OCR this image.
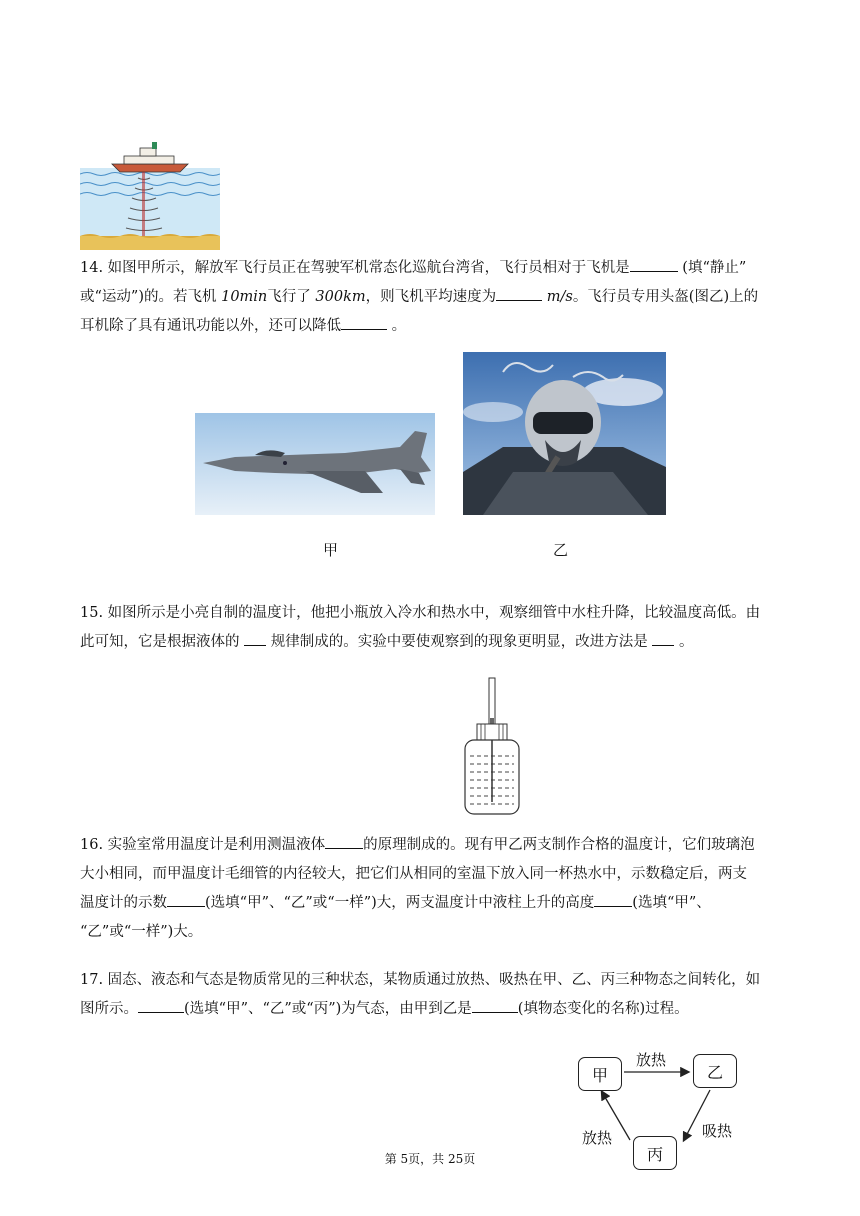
14. 如图甲所示，解放军飞行员正在驾驶军机常态化巡航台湾省，飞行员相对于飞机是	(填“静止”

或“运动”)的。若飞机 10min飞行了 300km，则飞机平均速度为	m/s。飞行员专用头盔(图乙)上的

耳机除了具有通讯功能以外，还可以降低	。

甲	乙

15. 如图所示是小亮自制的温度计，他把小瓶放入冷水和热水中，观察细管中水柱升降，比较温度高低。由

此可知，它是根据液体的 规律制成的。实验中要使观察到的现象更明显，改进方法是 。

16. 实验室常用温度计是利用测温液体	的原理制成的。现有甲乙两支制作合格的温度计，它们玻璃泡

大小相同，而甲温度计毛细管的内径较大，把它们从相同的室温下放入同一杯热水中，示数稳定后，两支

温度计的示数	(选填“甲”、“乙”或“一样”)大，两支温度计中液柱上升的高度	(选填“甲”、

“乙”或“一样”)大。

17. 固态、液态和气态是物质常见的三种状态，某物质通过放热、吸热在甲、乙、丙三种物态之间转化，如

图所示。	(选填“甲”、“乙”或“丙”)为气态，由甲到乙是	(填物态变化的名称)过程。

甲	乙
丙
放热
吸热
放热
第 5页，共 25页
